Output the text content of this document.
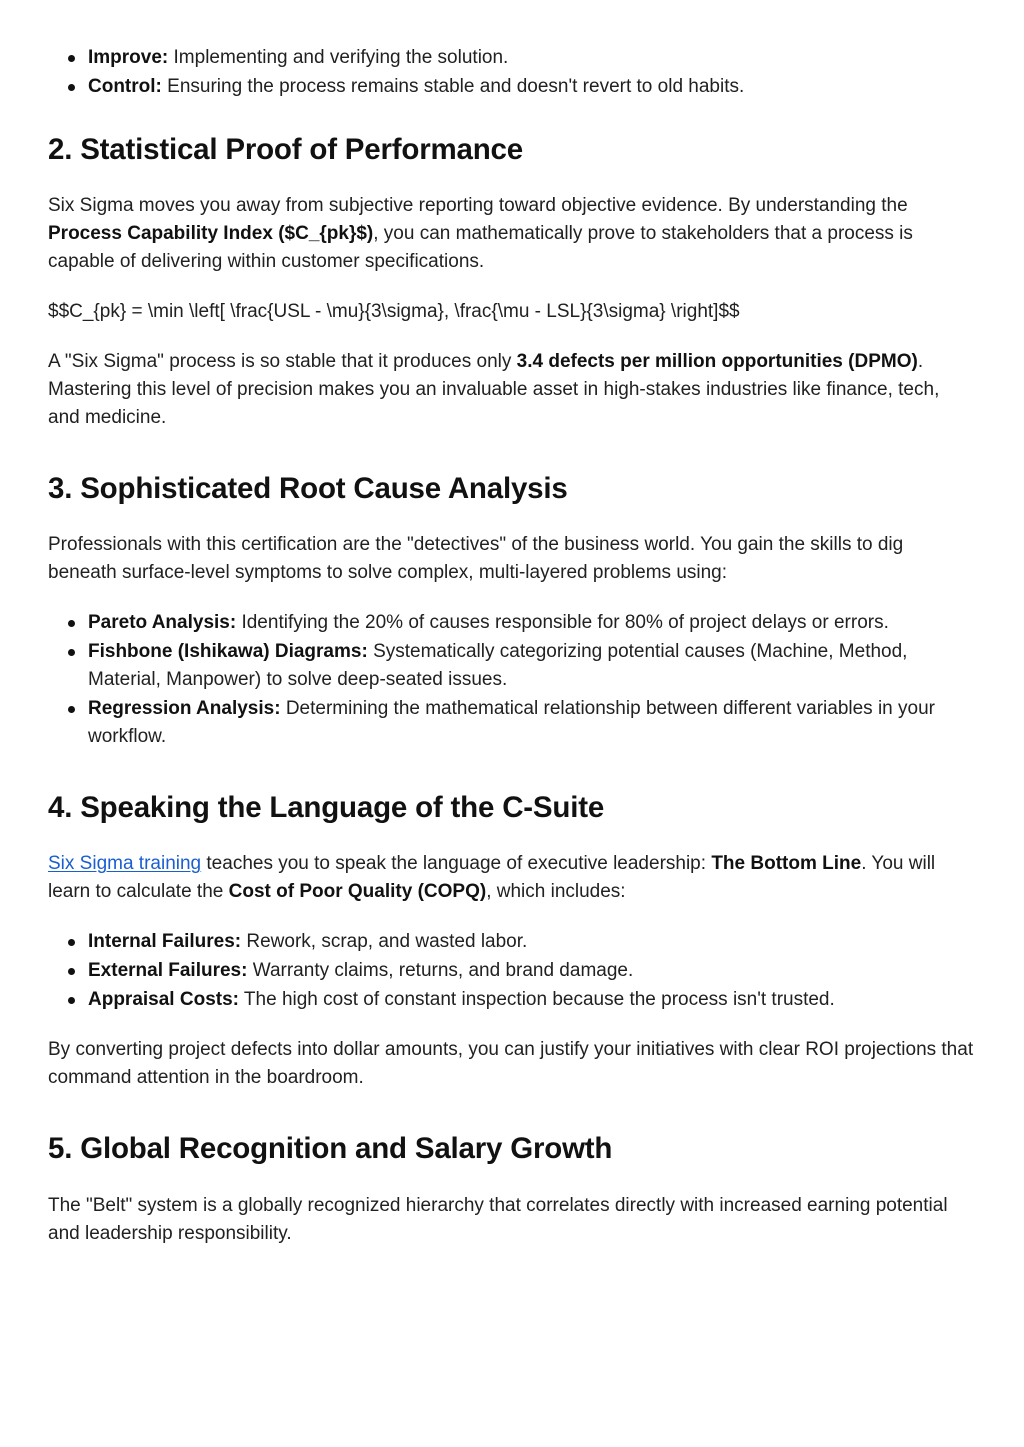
Improve: Implementing and verifying the solution.
Control: Ensuring the process remains stable and doesn't revert to old habits.
2. Statistical Proof of Performance

Six Sigma moves you away from subjective reporting toward objective evidence. By understanding the Process Capability Index ($C_{pk}$), you can mathematically prove to stakeholders that a process is capable of delivering within customer specifications.

$$C_{pk} = \min \left[ \frac{USL - \mu}{3\sigma}, \frac{\mu - LSL}{3\sigma} \right]$$

A "Six Sigma" process is so stable that it produces only 3.4 defects per million opportunities (DPMO). Mastering this level of precision makes you an invaluable asset in high-stakes industries like finance, tech, and medicine.

3. Sophisticated Root Cause Analysis

Professionals with this certification are the "detectives" of the business world. You gain the skills to dig beneath surface-level symptoms to solve complex, multi-layered problems using:

Pareto Analysis: Identifying the 20% of causes responsible for 80% of project delays or errors.
Fishbone (Ishikawa) Diagrams: Systematically categorizing potential causes (Machine, Method, Material, Manpower) to solve deep-seated issues.
Regression Analysis: Determining the mathematical relationship between different variables in your workflow.
4. Speaking the Language of the C-Suite

Six Sigma training teaches you to speak the language of executive leadership: The Bottom Line. You will learn to calculate the Cost of Poor Quality (COPQ), which includes:

Internal Failures: Rework, scrap, and wasted labor.
External Failures: Warranty claims, returns, and brand damage.
Appraisal Costs: The high cost of constant inspection because the process isn't trusted.

By converting project defects into dollar amounts, you can justify your initiatives with clear ROI projections that command attention in the boardroom.

5. Global Recognition and Salary Growth

The "Belt" system is a globally recognized hierarchy that correlates directly with increased earning potential and leadership responsibility.
